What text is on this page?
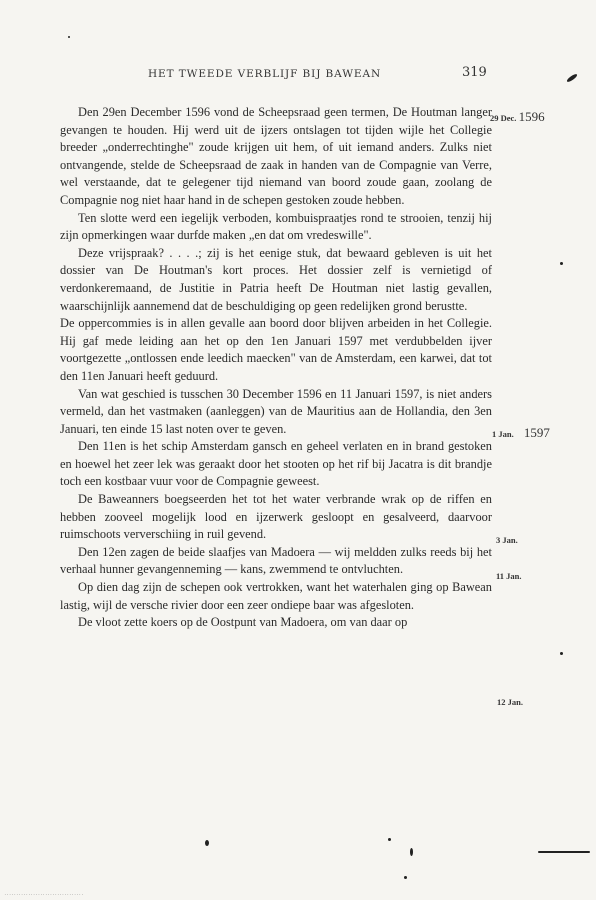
HET TWEEDE VERBLIJF BIJ BAWEAN	319

Den 29en December 1596 vond de Scheepsraad geen termen, De Houtman langer gevangen te houden. Hij werd uit de ijzers ontslagen tot tijden wijle het Collegie breeder „onderrechtinghe" zoude krijgen uit hem, of uit iemand anders. Zulks niet ontvangende, stelde de Scheepsraad de zaak in handen van de Compagnie van Verre, wel verstaande, dat te gelegener tijd niemand van boord zoude gaan, zoolang de Compagnie nog niet haar hand in de schepen gestoken zoude hebben.

Ten slotte werd een iegelijk verboden, kombuispraatjes rond te strooien, tenzij hij zijn opmerkingen waar durfde maken „en dat om vredeswille".

Deze vrijspraak? . . . .; zij is het eenige stuk, dat bewaard gebleven is uit het dossier van De Houtman's kort proces. Het dossier zelf is vernietigd of verdonkeremaand, de Justitie in Patria heeft De Houtman niet lastig gevallen, waarschijnlijk aannemend dat de beschuldiging op geen redelijken grond berustte.

De oppercommies is in allen gevalle aan boord door blijven arbeiden in het Collegie. Hij gaf mede leiding aan het op den 1en Januari 1597 met verdubbelden ijver voortgezette „ontlossen ende leedich maecken" van de Amsterdam, een karwei, dat tot den 11en Januari heeft geduurd.

Van wat geschied is tusschen 30 December 1596 en 11 Januari 1597, is niet anders vermeld, dan het vastmaken (aanleggen) van de Mauritius aan de Hollandia, den 3en Januari, ten einde 15 last noten over te geven.

Den 11en is het schip Amsterdam gansch en geheel verlaten en in brand gestoken en hoewel het zeer lek was geraakt door het stooten op het rif bij Jacatra is dit brandje toch een kostbaar vuur voor de Compagnie geweest.

De Baweanners boegseerden het tot het water verbrande wrak op de riffen en hebben zooveel mogelijk lood en ijzerwerk gesloopt en gesalveerd, daarvoor ruimschoots ververschiing in ruil gevend.

Den 12en zagen de beide slaafjes van Madoera — wij meldden zulks reeds bij het verhaal hunner gevangenneming — kans, zwemmend te ontvluchten.

Op dien dag zijn de schepen ook vertrokken, want het waterhalen ging op Bawean lastig, wijl de versche rivier door een zeer ondiepe baar was afgesloten.

De vloot zette koers op de Oostpunt van Madoera, om van daar op

29 Dec. 1596
1 Jan. 1597
3 Jan.
11 Jan.
12 Jan.
·································
